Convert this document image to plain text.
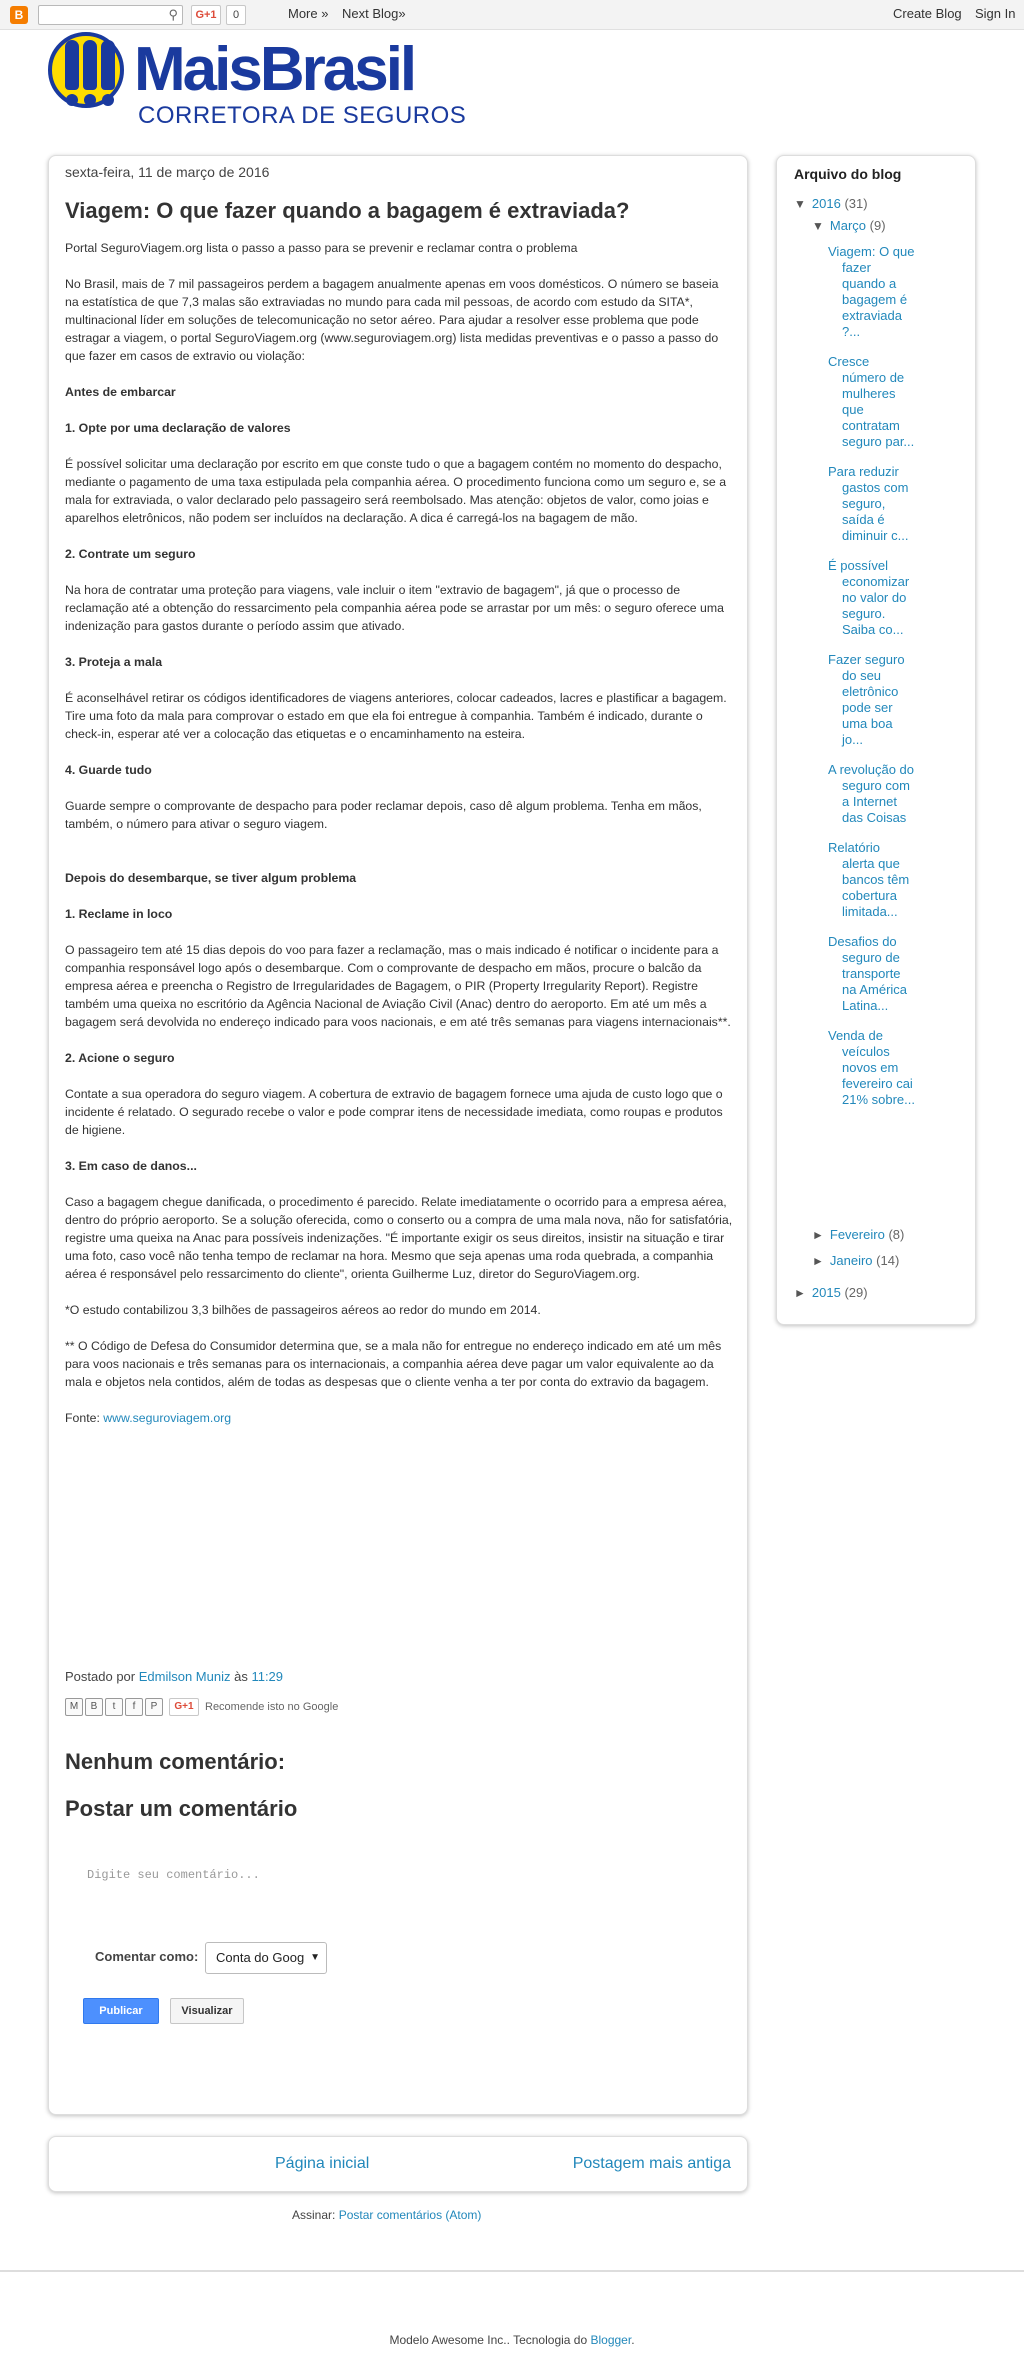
B	⚲	G+1	0	More » Next Blog»	Create Blog Sign In
MaisBrasil
CORRETORA DE SEGUROS
sexta-feira, 11 de março de 2016
Viagem: O que fazer quando a bagagem é extraviada?

Portal SeguroViagem.org lista o passo a passo para se prevenir e reclamar contra o problema

No Brasil, mais de 7 mil passageiros perdem a bagagem anualmente apenas em voos domésticos. O número se baseia na estatística de que 7,3 malas são extraviadas no mundo para cada mil pessoas, de acordo com estudo da SITA*, multinacional líder em soluções de telecomunicação no setor aéreo. Para ajudar a resolver esse problema que pode estragar a viagem, o portal SeguroViagem.org (www.seguroviagem.org) lista medidas preventivas e o passo a passo do que fazer em casos de extravio ou violação:

Antes de embarcar

1. Opte por uma declaração de valores

É possível solicitar uma declaração por escrito em que conste tudo o que a bagagem contém no momento do despacho, mediante o pagamento de uma taxa estipulada pela companhia aérea. O procedimento funciona como um seguro e, se a mala for extraviada, o valor declarado pelo passageiro será reembolsado. Mas atenção: objetos de valor, como joias e aparelhos eletrônicos, não podem ser incluídos na declaração. A dica é carregá-los na bagagem de mão.

2. Contrate um seguro

Na hora de contratar uma proteção para viagens, vale incluir o item "extravio de bagagem", já que o processo de reclamação até a obtenção do ressarcimento pela companhia aérea pode se arrastar por um mês: o seguro oferece uma indenização para gastos durante o período assim que ativado.

3. Proteja a mala

É aconselhável retirar os códigos identificadores de viagens anteriores, colocar cadeados, lacres e plastificar a bagagem. Tire uma foto da mala para comprovar o estado em que ela foi entregue à companhia. Também é indicado, durante o check-in, esperar até ver a colocação das etiquetas e o encaminhamento na esteira.

4. Guarde tudo

Guarde sempre o comprovante de despacho para poder reclamar depois, caso dê algum problema. Tenha em mãos, também, o número para ativar o seguro viagem.

Depois do desembarque, se tiver algum problema

1. Reclame in loco

O passageiro tem até 15 dias depois do voo para fazer a reclamação, mas o mais indicado é notificar o incidente para a companhia responsável logo após o desembarque. Com o comprovante de despacho em mãos, procure o balcão da empresa aérea e preencha o Registro de Irregularidades de Bagagem, o PIR (Property Irregularity Report). Registre também uma queixa no escritório da Agência Nacional de Aviação Civil (Anac) dentro do aeroporto. Em até um mês a bagagem será devolvida no endereço indicado para voos nacionais, e em até três semanas para viagens internacionais**.

2. Acione o seguro

Contate a sua operadora do seguro viagem. A cobertura de extravio de bagagem fornece uma ajuda de custo logo que o incidente é relatado. O segurado recebe o valor e pode comprar itens de necessidade imediata, como roupas e produtos de higiene.

3. Em caso de danos...

Caso a bagagem chegue danificada, o procedimento é parecido. Relate imediatamente o ocorrido para a empresa aérea, dentro do próprio aeroporto. Se a solução oferecida, como o conserto ou a compra de uma mala nova, não for satisfatória, registre uma queixa na Anac para possíveis indenizações. "É importante exigir os seus direitos, insistir na situação e tirar uma foto, caso você não tenha tempo de reclamar na hora. Mesmo que seja apenas uma roda quebrada, a companhia aérea é responsável pelo ressarcimento do cliente", orienta Guilherme Luz, diretor do SeguroViagem.org.

*O estudo contabilizou 3,3 bilhões de passageiros aéreos ao redor do mundo em 2014.

** O Código de Defesa do Consumidor determina que, se a mala não for entregue no endereço indicado em até um mês para voos nacionais e três semanas para os internacionais, a companhia aérea deve pagar um valor equivalente ao da mala e objetos nela contidos, além de todas as despesas que o cliente venha a ter por conta do extravio da bagagem.

Fonte: www.seguroviagem.org

Postado por Edmilson Muniz às 11:29
M	B	t	f	P	G+1	Recomende isto no Google
Nenhum comentário:
Postar um comentário
Digite seu comentário...
Comentar como:	Conta do Goog ▼
Publicar	Visualizar
Página inicial	Postagem mais antiga
Assinar: Postar comentários (Atom)
Modelo Awesome Inc.. Tecnologia do Blogger.
Arquivo do blog
▼ 2016 (31)
▼ Março (9)
Viagem: O que fazer quando a bagagem é extraviada ?...
Cresce número de mulheres que contratam seguro par...
Para reduzir gastos com seguro, saída é diminuir c...
É possível economizar no valor do seguro. Saiba co...
Fazer seguro do seu eletrônico pode ser uma boa jo...
A revolução do seguro com a Internet das Coisas
Relatório alerta que bancos têm cobertura limitada...
Desafios do seguro de transporte na América Latina...
Venda de veículos novos em fevereiro cai 21% sobre...
► Fevereiro (8)
► Janeiro (14)
► 2015 (29)
